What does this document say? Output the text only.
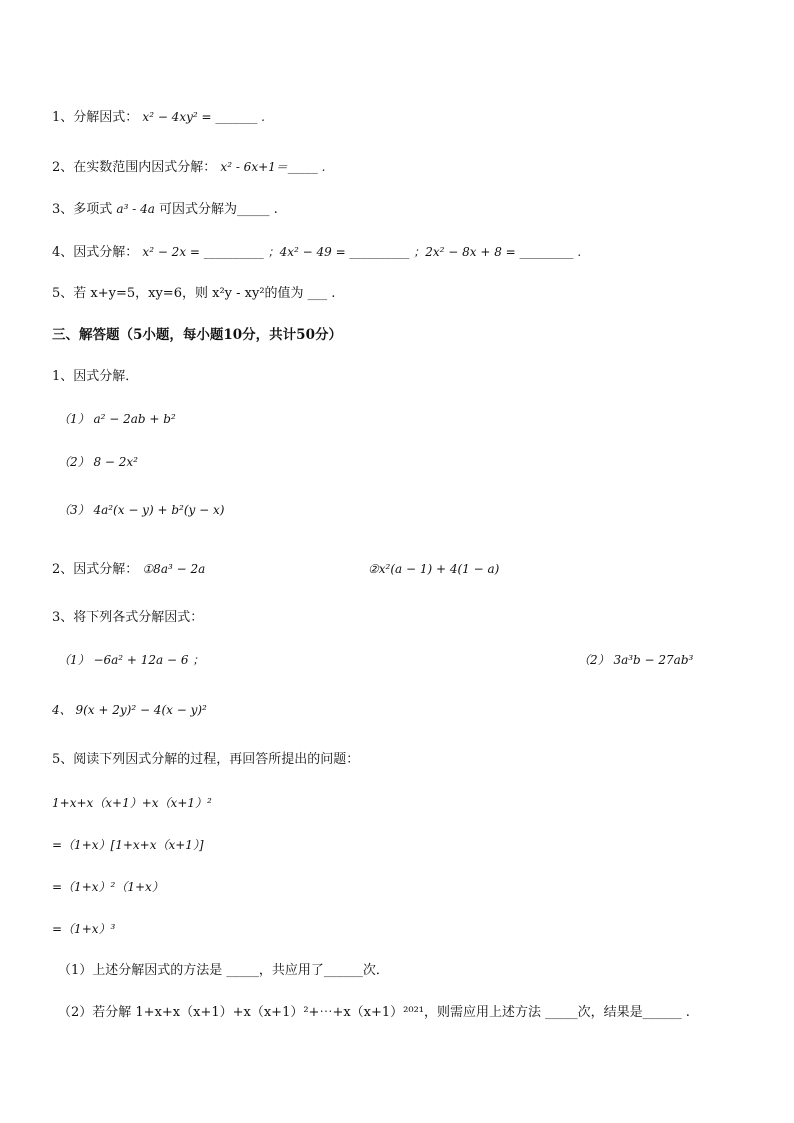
1、分解因式： x² − 4xy² = _______ .
2、在实数范围内因式分解： x² - 6x+1＝_____ .
3、多项式 a³ - 4a 可因式分解为_____ .
4、因式分解： x² − 2x = __________ ；4x² − 49 = __________ ；2x² − 8x + 8 = _________ .
5、若 x+y=5，xy=6，则 x²y - xy²的值为 ___ .
三、解答题（5小题，每小题10分，共计50分）
1、因式分解．
（1） a² − 2ab + b²
（2） 8 − 2x²
（3） 4a²(x − y) + b²(y − x)
2、因式分解： ①8a³ − 2a	②x²(a − 1) + 4(1 − a)
3、将下列各式分解因式：
（1） −6a² + 12a − 6 ；	（2） 3a³b − 27ab³
4、 9(x + 2y)² − 4(x − y)²
5、阅读下列因式分解的过程，再回答所提出的问题：
1+x+x（x+1）+x（x+1）²
=（1+x）[1+x+x（x+1）]
=（1+x）²（1+x）
=（1+x）³
（1）上述分解因式的方法是 _____，共应用了______次．
（2）若分解 1+x+x（x+1）+x（x+1）²+⋯+x（x+1）²⁰²¹，则需应用上述方法 _____次，结果是______ .
